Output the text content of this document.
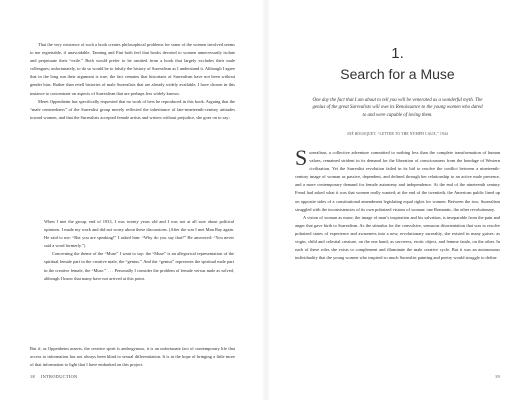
That the very existence of such a book creates philosophical problems for some of the women involved seems to me regrettable, if unavoidable. Tanning and Fini both feel that books devoted to women unnecessarily isolate and perpetuate their “exile.” Both would prefer to be omitted from a book that largely excludes their male colleagues; unfortunately, to do so would be to falsify the history of Surrealism as I understand it. Although I agree that in the long run their argument is true, the fact remains that historians of Surrealism have not been without gender bias. Rather than retell histories of male Surrealists that are already widely available, I have chosen in this instance to concentrate on aspects of Surrealism that are perhaps less widely known.

Meret Oppenheim has specifically requested that no work of hers be reproduced in this book. Arguing that the “male centeredness” of the Surrealist group merely reflected the inheritance of late-nineteenth-century attitudes toward women, and that the Surrealists accepted female artists and writers without prejudice, she goes on to say:

When I met the group, end of 1933, I was twenty years old and I was not at all sure about political opinions. I made my work and did not worry about these discussions. (After the war I met Man Ray again. He said to me: “But you are speaking!” I asked him: “Why do you say that?” He answered: “You never said a word formerly.”)

Concerning the theme of the “Muse” I want to say: the “Muse” is an allegorical representation of the spiritual female part in the creative male, the “genius.” And the “genius” represents the spiritual male part in the creative female, the “Muse.” . . . Personally I consider the problem of female versus male as solved, although I know that many have not arrived at this point.

But if, as Oppenheim asserts, the creative spirit is androgynous, it is an unfortunate fact of contemporary life that access to information has not always been blind to sexual differentiation. It is in the hope of bringing a little more of that information to light that I have embarked on this project.

18 INTRODUCTION
1.
Search for a Muse
One day the fact that I am about to tell you will be venerated as a wonderful myth. The genius of the great Surrealists will owe its Renaissance to the young women who dared to and were capable of loving them.
JOË BOUSQUET, “LETTER TO THE NYMPH CAUX,” 1944

Surrealism, a collective adventure committed to nothing less than the complete transformation of human values, remained strident in its demand for the liberation of consciousness from the bondage of Western civilization. Yet the Surrealist revolution failed in its bid to resolve the conflict between a nineteenth-century image of woman as passive, dependent, and defined through her relationship to an active male presence, and a more contemporary demand for female autonomy and independence. At the end of the nineteenth century Freud had asked what it was that women really wanted; at the end of the twentieth, the American public lined up on opposite sides of a constitutional amendment legislating equal rights for women. Between the two, Surrealism struggled with the inconsistencies of its own polarized visions of woman: one Romantic, the other revolutionary.

A vision of woman as muse, the image of man’s inspiration and his salvation, is inseparable from the pain and anger that gave birth to Surrealism. As the stimulus for the convulsive, sensuous disorientation that was to resolve polarized states of experience and awareness into a new, revolutionary surreality, she existed in many guises: as virgin, child and celestial creature, on the one hand; as sorceress, erotic object, and femme fatale, on the other. In each of these roles she exists to complement and illuminate the male creative cycle. But it was an autonomous individuality that the young women who inspired so much Surrealist painting and poetry would struggle to define

19
